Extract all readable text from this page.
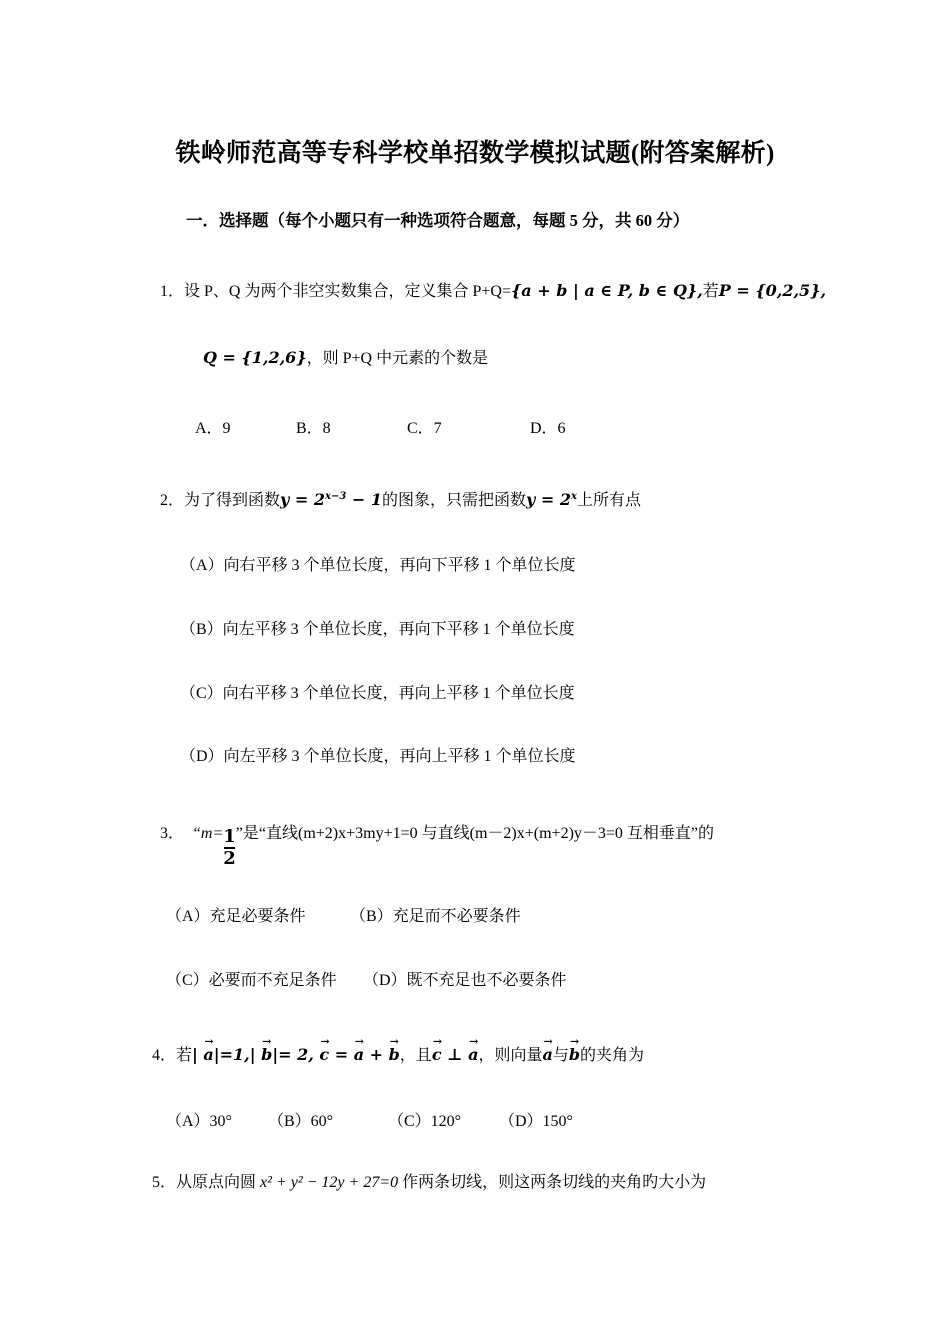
铁岭师范高等专科学校单招数学模拟试题(附答案解析)
一．选择题（每个小题只有一种选项符合题意，每题 5 分，共 60 分）
1．设 P、Q 为两个非空实数集合，定义集合 P+Q={a + b | a ∈ P, b ∈ Q},若P = {0,2,5},
Q = {1,2,6}，则 P+Q 中元素的个数是
A．9	B．8	C．7	D．6
2．为了得到函数$y = 2^{x-3} - 1$的图象，只需把函数$y = 2^x$上所有点
（A）向右平移 3 个单位长度，再向下平移 1 个单位长度
（B）向左平移 3 个单位长度，再向下平移 1 个单位长度
（C）向右平移 3 个单位长度，再向上平移 1 个单位长度
（D）向左平移 3 个单位长度，再向上平移 1 个单位长度
3． “$m= \frac{1}{2}$ ”是“直线(m+2)x+3my+1=0 与直线(m－2)x+(m+2)y－3=0 互相垂直”的
（A）充足必要条件	（B）充足而不必要条件
（C）必要而不充足条件 （D）既不充足也不必要条件
4．若| → a|=1,| → b|= 2, → c = → a + → b，且→ c ⊥ → a，则向量→ a与→ b的夹角为
（A）30° （B）60°	（C）120° （D）150°
5．从原点向圆 x² + y² − 12y + 27=0 作两条切线，则这两条切线的夹角旳大小为
